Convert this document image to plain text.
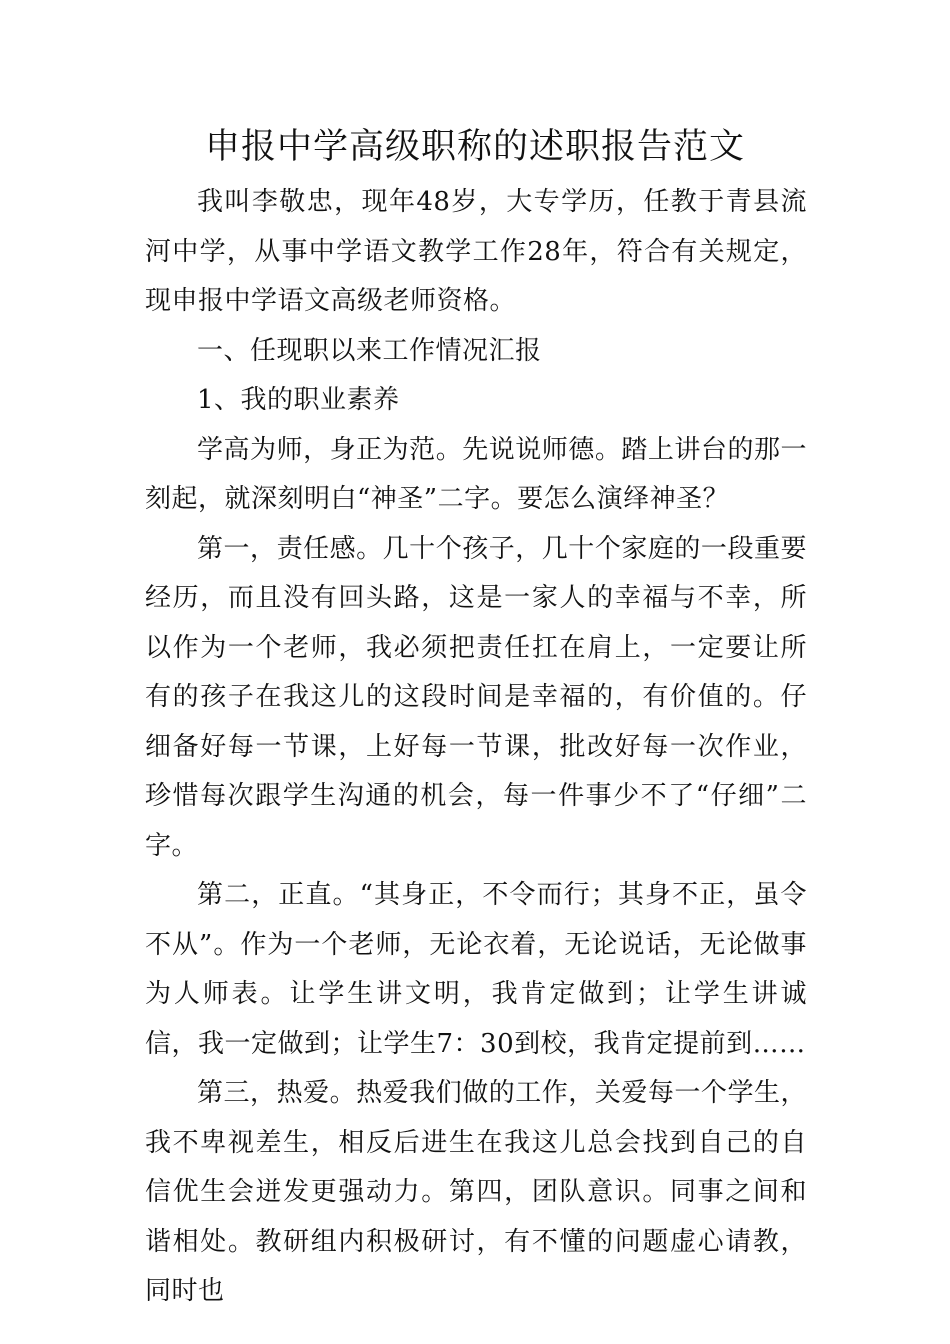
申报中学高级职称的述职报告范文

我叫李敬忠，现年48岁，大专学历，任教于青县流河中学，从事中学语文教学工作28年，符合有关规定，现申报中学语文高级老师资格。

一、任现职以来工作情况汇报

1、我的职业素养

学高为师，身正为范。先说说师德。踏上讲台的那一刻起，就深刻明白“神圣”二字。要怎么演绎神圣？

第一，责任感。几十个孩子，几十个家庭的一段重要经历，而且没有回头路，这是一家人的幸福与不幸，所以作为一个老师，我必须把责任扛在肩上，一定要让所有的孩子在我这儿的这段时间是幸福的，有价值的。仔细备好每一节课，上好每一节课，批改好每一次作业，珍惜每次跟学生沟通的机会，每一件事少不了“仔细”二字。

第二，正直。“其身正，不令而行；其身不正，虽令不从”。作为一个老师，无论衣着，无论说话，无论做事为人师表。让学生讲文明，我肯定做到；让学生讲诚信，我一定做到；让学生7：30到校，我肯定提前到……

第三，热爱。热爱我们做的工作，关爱每一个学生，我不卑视差生，相反后进生在我这儿总会找到自己的自信优生会迸发更强动力。第四，团队意识。同事之间和谐相处。教研组内积极研讨，有不懂的问题虚心请教，同时也
